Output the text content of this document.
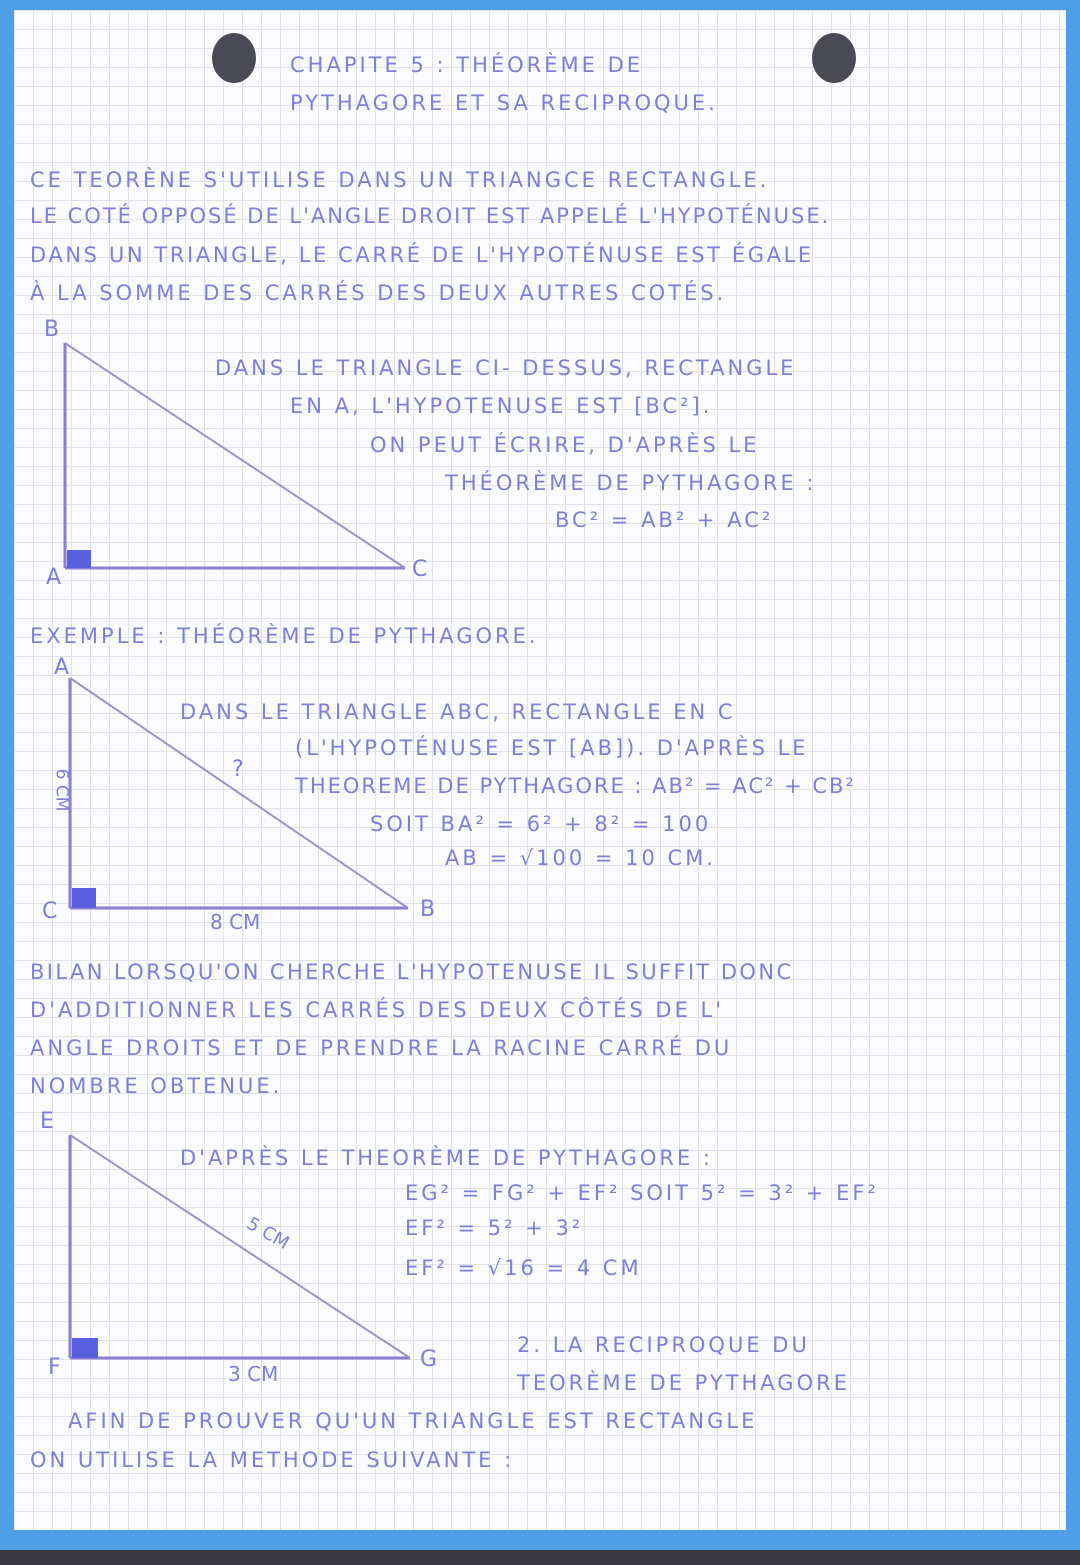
CHAPITE 5 : THÉORÈME DE
PYTHAGORE ET SA RECIPROQUE.
CE TEORÈNE S'UTILISE DANS UN TRIANGCE RECTANGLE.
LE COTÉ OPPOSÉ DE L'ANGLE DROIT EST APPELÉ L'HYPOTÉNUSE.
DANS UN TRIANGLE, LE CARRÉ DE L'HYPOTÉNUSE EST ÉGALE
À LA SOMME DES CARRÉS DES DEUX AUTRES COTÉS.
B
A	C
DANS LE TRIANGLE CI- DESSUS, RECTANGLE
EN A, L'HYPOTENUSE EST [BC²].
ON PEUT ÉCRIRE, D'APRÈS LE
THÉORÈME DE PYTHAGORE :
BC² = AB² + AC²
EXEMPLE : THÉORÈME DE PYTHAGORE.
A
C	B
?
6 CM
8 CM
DANS LE TRIANGLE ABC, RECTANGLE EN C
(L'HYPOTÉNUSE EST [AB]). D'APRÈS LE
THEOREME DE PYTHAGORE : AB² = AC² + CB²
SOIT BA² = 6² + 8² = 100
AB = √100 = 10 CM.
BILAN LORSQU'ON CHERCHE L'HYPOTENUSE IL SUFFIT DONC
D'ADDITIONNER LES CARRÉS DES DEUX CÔTÉS DE L'
ANGLE DROITS ET DE PRENDRE LA RACINE CARRÉ DU
NOMBRE OBTENUE.
E
F	G
5 CM
3 CM
D'APRÈS LE THEORÈME DE PYTHAGORE :
EG² = FG² + EF² SOIT 5² = 3² + EF²
EF² = 5² + 3²
EF² = √16 = 4 CM
2. LA RECIPROQUE DU
TEORÈME DE PYTHAGORE
AFIN DE PROUVER QU'UN TRIANGLE EST RECTANGLE
ON UTILISE LA METHODE SUIVANTE :
